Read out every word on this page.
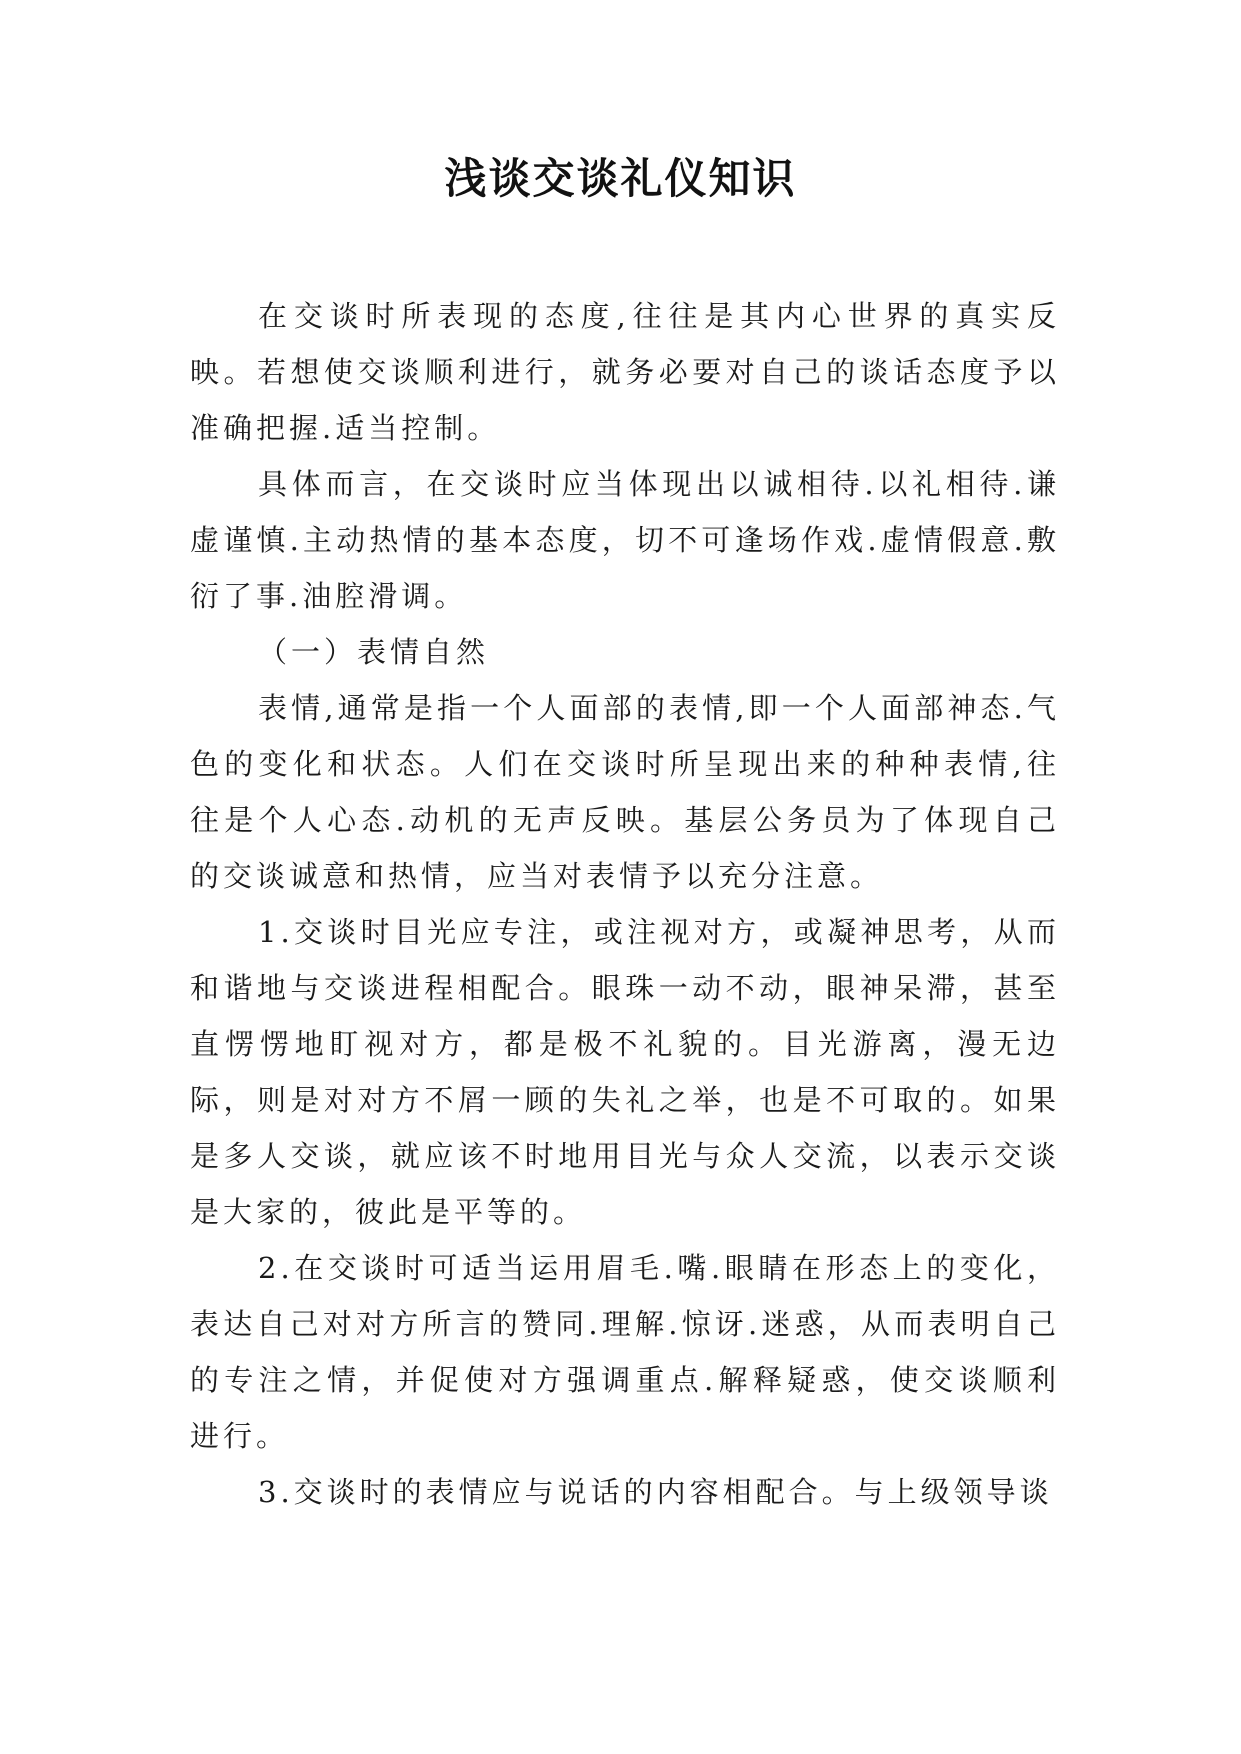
浅谈交谈礼仪知识

在交谈时所表现的态度,往往是其内心世界的真实反映。若想使交谈顺利进行，就务必要对自己的谈话态度予以准确把握.适当控制。

具体而言，在交谈时应当体现出以诚相待.以礼相待.谦虚谨慎.主动热情的基本态度，切不可逢场作戏.虚情假意.敷衍了事.油腔滑调。

（一）表情自然

表情,通常是指一个人面部的表情,即一个人面部神态.气色的变化和状态。人们在交谈时所呈现出来的种种表情,往往是个人心态.动机的无声反映。基层公务员为了体现自己的交谈诚意和热情，应当对表情予以充分注意。

1.交谈时目光应专注，或注视对方，或凝神思考，从而和谐地与交谈进程相配合。眼珠一动不动，眼神呆滞，甚至直愣愣地盯视对方，都是极不礼貌的。目光游离，漫无边际，则是对对方不屑一顾的失礼之举，也是不可取的。如果是多人交谈，就应该不时地用目光与众人交流，以表示交谈是大家的，彼此是平等的。

2.在交谈时可适当运用眉毛.嘴.眼睛在形态上的变化，表达自己对对方所言的赞同.理解.惊讶.迷惑，从而表明自己的专注之情，并促使对方强调重点.解释疑惑，使交谈顺利进行。

3.交谈时的表情应与说话的内容相配合。与上级领导谈
